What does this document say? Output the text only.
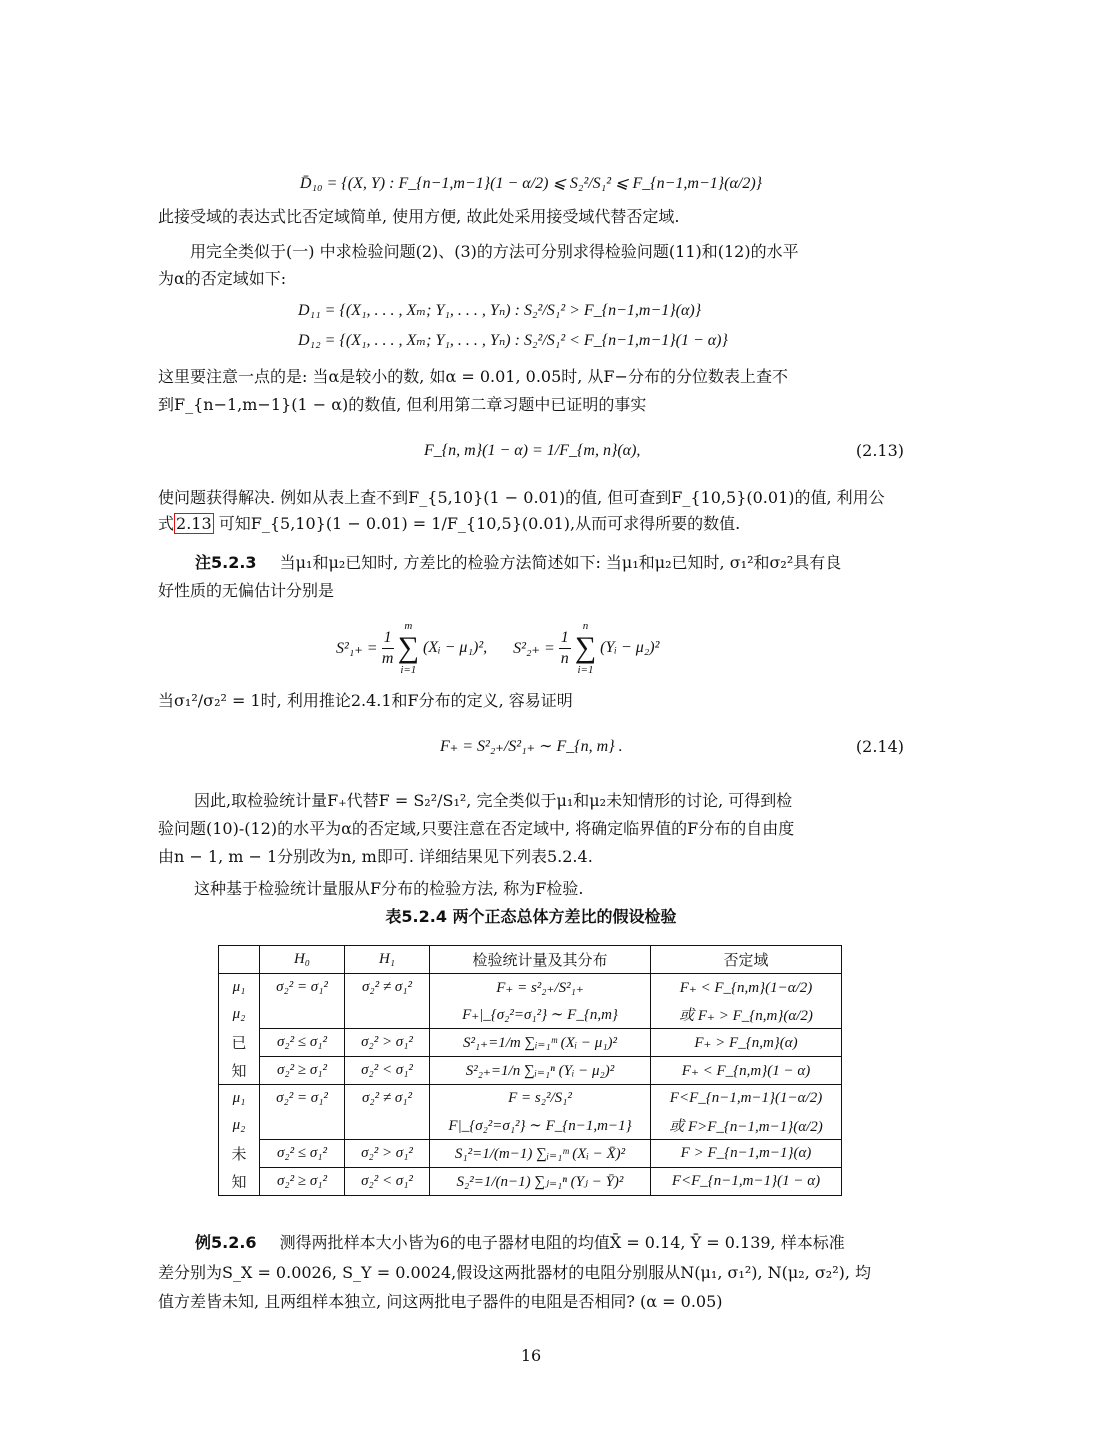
D̄₁₀ = {(X, Y) : F_{n−1,m−1}(1 − α/2) ⩽ S₂²/S₁² ⩽ F_{n−1,m−1}(α/2)}
此接受域的表达式比否定域简单, 使用方便, 故此处采用接受域代替否定域.
用完全类似于(一) 中求检验问题(2)、(3)的方法可分别求得检验问题(11)和(12)的水平
为α的否定域如下:
D₁₁ = {(X₁, . . . , Xₘ; Y₁, . . . , Yₙ) : S₂²/S₁² > F_{n−1,m−1}(α)}
D₁₂ = {(X₁, . . . , Xₘ; Y₁, . . . , Yₙ) : S₂²/S₁² < F_{n−1,m−1}(1 − α)}
这里要注意一点的是: 当α是较小的数, 如α = 0.01, 0.05时, 从F−分布的分位数表上查不
到F_{n−1,m−1}(1 − α)的数值, 但利用第二章习题中已证明的事实
F_{n, m}(1 − α) = 1/F_{m, n}(α),	(2.13)
使问题获得解决. 例如从表上查不到F_{5,10}(1 − 0.01)的值, 但可查到F_{10,5}(0.01)的值, 利用公
式 2.13 可知F_{5,10}(1 − 0.01) = 1/F_{10,5}(0.01),从而可求得所要的数值.
注5.2.3 当μ₁和μ₂已知时, 方差比的检验方法简述如下: 当μ₁和μ₂已知时, σ₁²和σ₂²具有良
好性质的无偏估计分别是
$S^2_{1+} = \frac{1}{m}$
m
∑
i=1
(Xᵢ − μ₁)², $S^2_{2+} = \frac{1}{n}$
n
∑
i=1
(Yᵢ − μ₂)²
当σ₁²/σ₂² = 1时, 利用推论2.4.1和F分布的定义, 容易证明
F₊ = S²₂₊/S²₁₊ ∼ F_{n, m} .	(2.14)
因此,取检验统计量F₊代替F = S₂²/S₁², 完全类似于μ₁和μ₂未知情形的讨论, 可得到检
验问题(10)-(12)的水平为α的否定域,只要注意在否定域中, 将确定临界值的F分布的自由度
由n − 1, m − 1分别改为n, m即可. 详细结果见下列表5.2.4.
这种基于检验统计量服从F分布的检验方法, 称为F检验.
表5.2.4 两个正态总体方差比的假设检验
	H₀	H₁	检验统计量及其分布	否定域
μ₁	σ₂² = σ₁²	σ₂² ≠ σ₁²	F₊ = s²₂₊/S²₁₊	F₊ < F_{n,m}(1−α/2)
μ₂			F₊|_{σ₂²=σ₁²} ∼ F_{n,m}	或 F₊ > F_{n,m}(α/2)
已	σ₂² ≤ σ₁²	σ₂² > σ₁²	S²₁₊=1/m ∑ᵢ₌₁ᵐ (Xᵢ − μ₁)²	F₊ > F_{n,m}(α)
知	σ₂² ≥ σ₁²	σ₂² < σ₁²	S²₂₊=1/n ∑ᵢ₌₁ⁿ (Yᵢ − μ₂)²	F₊ < F_{n,m}(1 − α)
μ₁	σ₂² = σ₁²	σ₂² ≠ σ₁²	F = s₂²/S₁²	F<F_{n−1,m−1}(1−α/2)
μ₂			F|_{σ₂²=σ₁²} ∼ F_{n−1,m−1}	或 F>F_{n−1,m−1}(α/2)
未	σ₂² ≤ σ₁²	σ₂² > σ₁²	S₁²=1/(m−1) ∑ᵢ₌₁ᵐ (Xᵢ − X̄)²	F > F_{n−1,m−1}(α)
知	σ₂² ≥ σ₁²	σ₂² < σ₁²	S₂²=1/(n−1) ∑ⱼ₌₁ⁿ (Yⱼ − Ȳ)²	F<F_{n−1,m−1}(1 − α)
例5.2.6 测得两批样本大小皆为6的电子器材电阻的均值X̄ = 0.14, Ȳ = 0.139, 样本标准
差分别为S_X = 0.0026, S_Y = 0.0024,假设这两批器材的电阻分别服从N(μ₁, σ₁²), N(μ₂, σ₂²), 均
值方差皆未知, 且两组样本独立, 问这两批电子器件的电阻是否相同? (α = 0.05)
16
